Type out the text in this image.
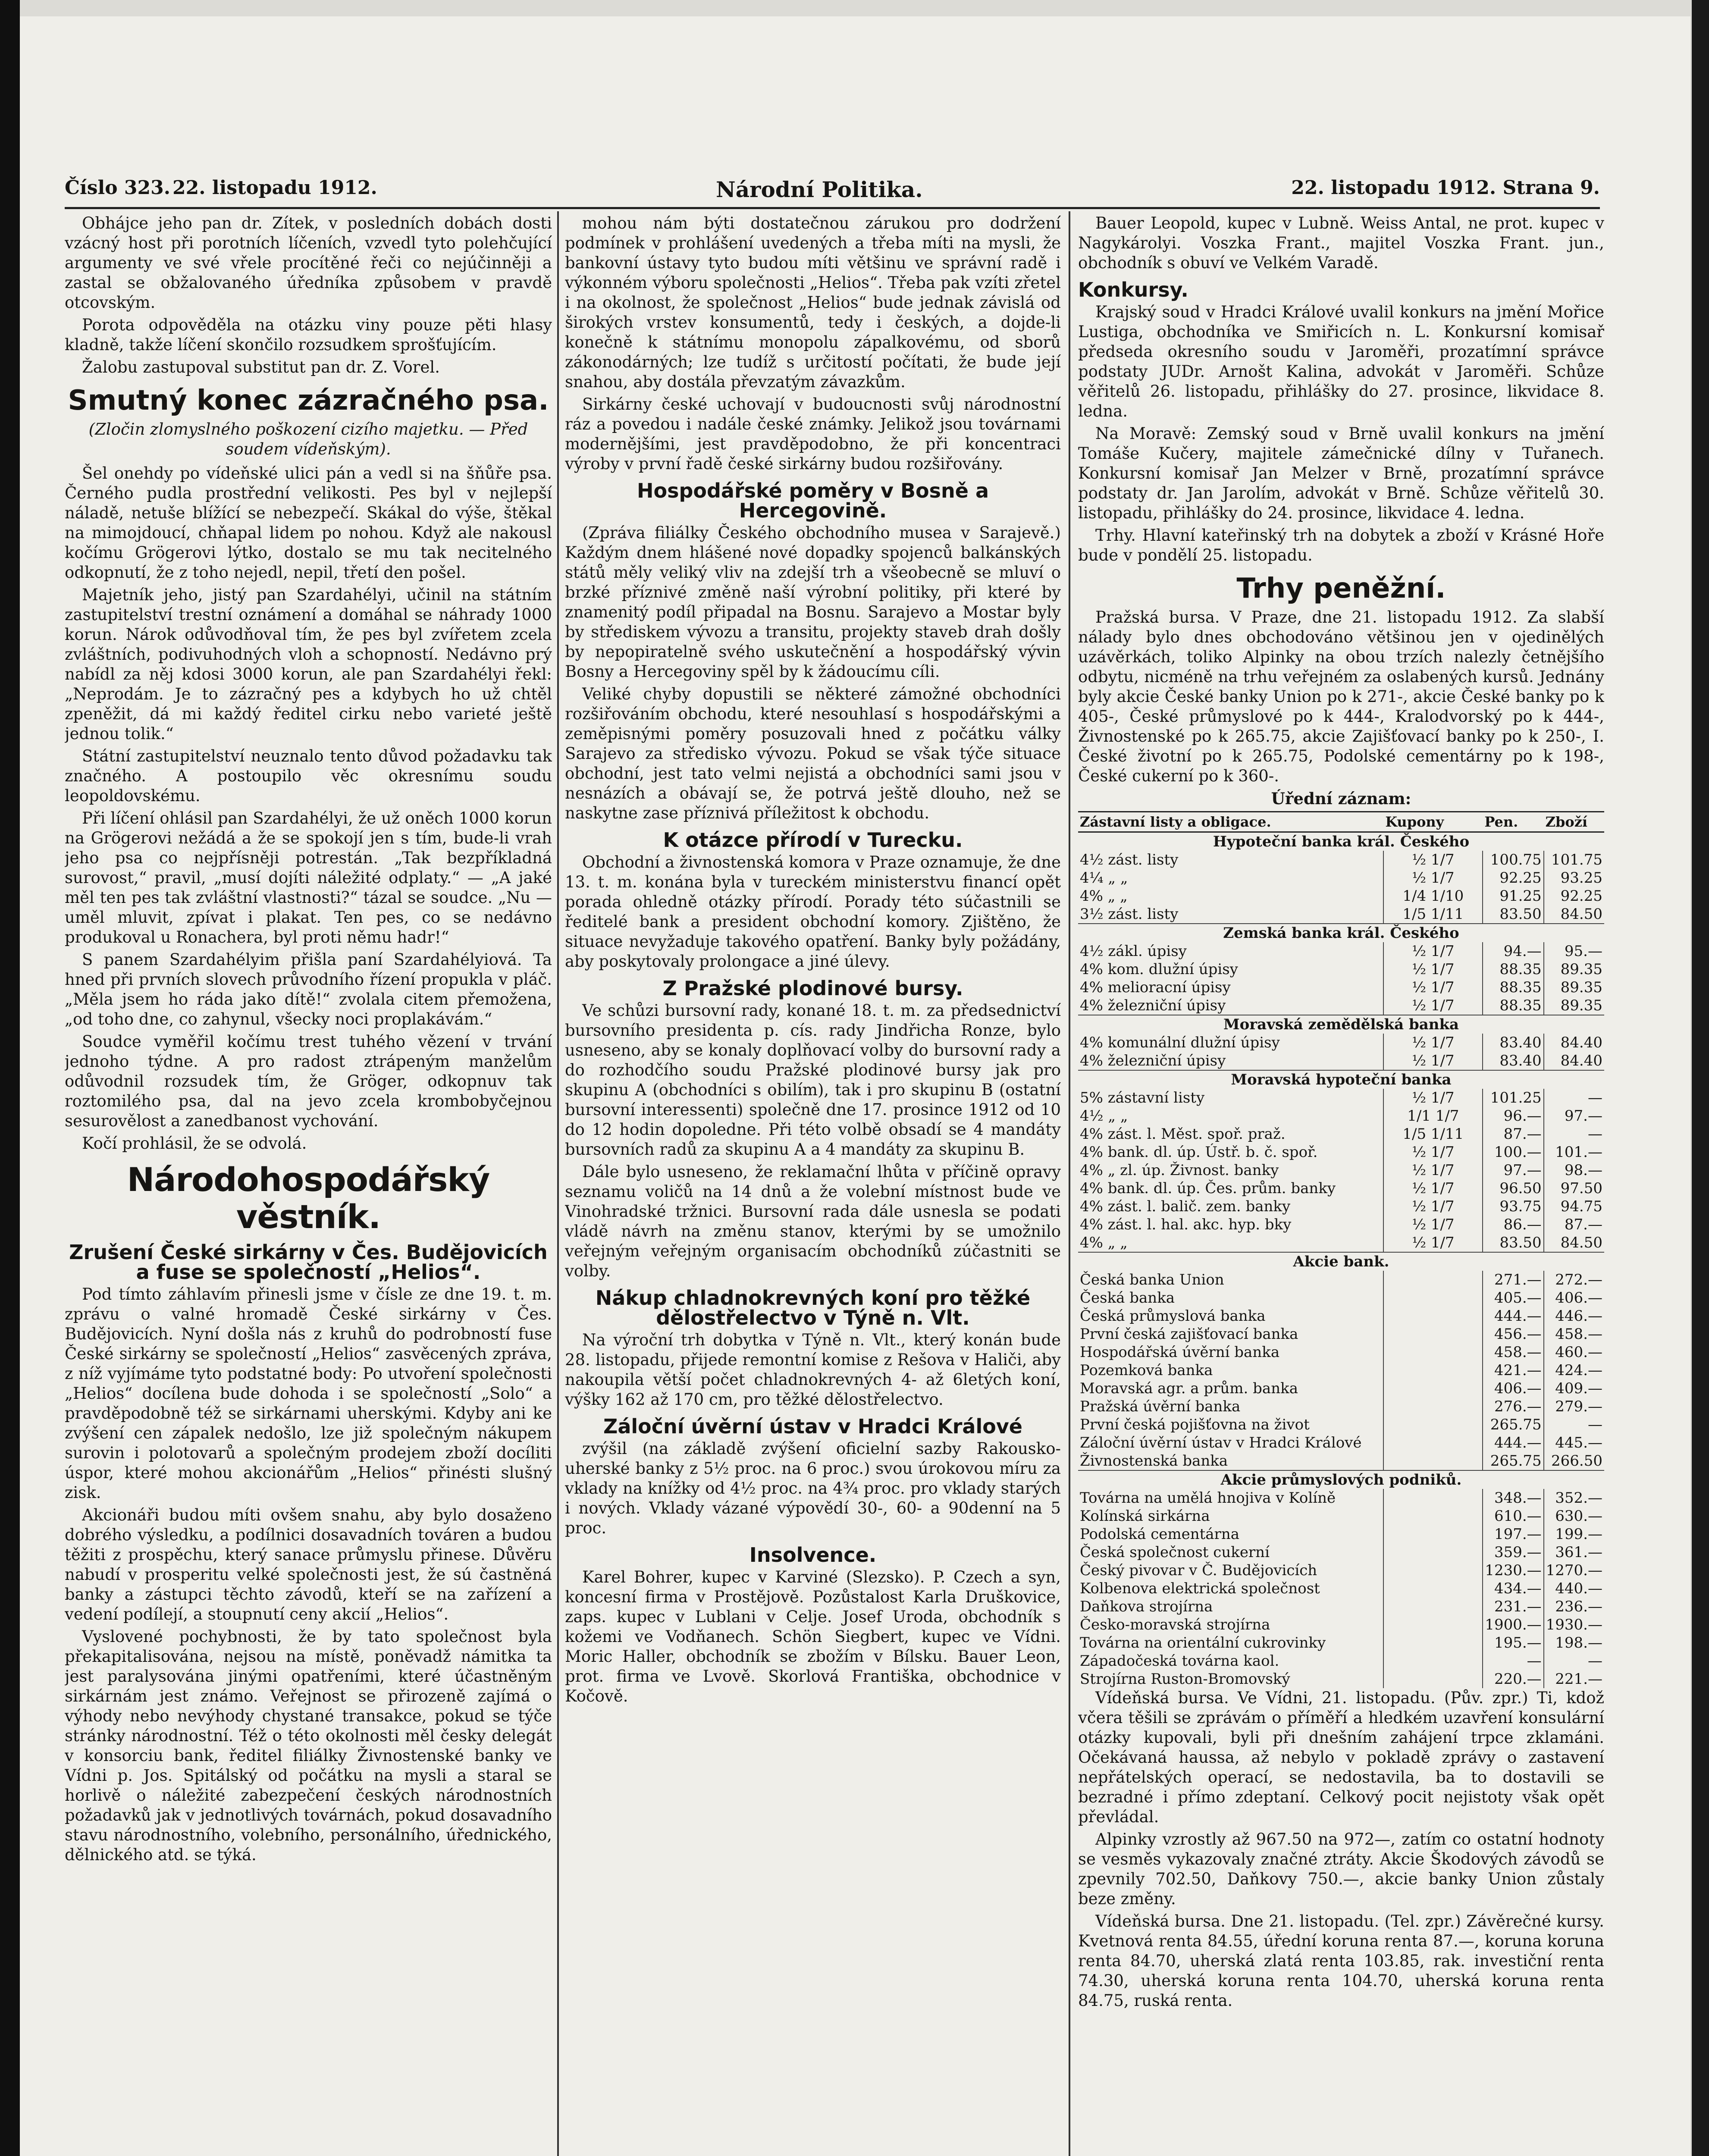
Číslo 323. 22. listopadu 1912.	Národní Politika.	22. listopadu 1912. Strana 9.

Obhájce jeho pan dr. Zítek, v posledních dobách dosti vzácný host při porotních líčeních, vzvedl tyto polehčující argumenty ve své vřele procítěné řeči co nejúčinněji a zastal se obžalovaného úředníka způsobem v pravdě otcovským.

Porota odpověděla na otázku viny pouze pěti hlasy kladně, takže líčení skončilo rozsudkem sprošťujícím.

Žalobu zastupoval substitut pan dr. Z. Vorel.

Smutný konec zázračného psa.
(Zločin zlomyslného poškození cizího majetku. — Před soudem vídeňským).

Šel onehdy po vídeňské ulici pán a vedl si na šňůře psa. Černého pudla prostřední velikosti. Pes byl v nejlepší náladě, netuše blížící se nebezpečí. Skákal do výše, štěkal na mimojdoucí, chňapal lidem po nohou. Když ale nakousl kočímu Grögerovi lýtko, dostalo se mu tak necitelného odkopnutí, že z toho nejedl, nepil, třetí den pošel.

Majetník jeho, jistý pan Szardahélyi, učinil na státním zastupitelství trestní oznámení a domáhal se náhrady 1000 korun. Nárok odůvodňoval tím, že pes byl zvířetem zcela zvláštních, podivuhodných vloh a schopností. Nedávno prý nabídl za něj kdosi 3000 korun, ale pan Szardahélyi řekl: „Neprodám. Je to zázračný pes a kdybych ho už chtěl zpeněžit, dá mi každý ředitel cirku nebo varieté ještě jednou tolik.“

Státní zastupitelství neuznalo tento důvod požadavku tak značného. A postoupilo věc okresnímu soudu leopoldovskému.

Při líčení ohlásil pan Szardahélyi, že už oněch 1000 korun na Grögerovi nežádá a že se spokojí jen s tím, bude-li vrah jeho psa co nejpřísněji potrestán. „Tak bezpříkladná surovost,“ pravil, „musí dojíti náležité odplaty.“ — „A jaké měl ten pes tak zvláštní vlastnosti?“ tázal se soudce. „Nu — uměl mluvit, zpívat i plakat. Ten pes, co se nedávno produkoval u Ronachera, byl proti němu hadr!“

S panem Szardahélyim přišla paní Szardahélyiová. Ta hned při prvních slovech průvodního řízení propukla v pláč. „Měla jsem ho ráda jako dítě!“ zvolala citem přemožena, „od toho dne, co zahynul, všecky noci proplakávám.“

Soudce vyměřil kočímu trest tuhého vězení v trvání jednoho týdne. A pro radost ztrápeným manželům odůvodnil rozsudek tím, že Gröger, odkopnuv tak roztomilého psa, dal na jevo zcela krombobyčejnou sesurovělost a zanedbanost vychování.

Kočí prohlásil, že se odvolá.

Národohospodářský věstník.
Zrušení České sirkárny v Čes. Budějovicích a fuse se společností „Helios“.

Pod tímto záhlavím přinesli jsme v čísle ze dne 19. t. m. zprávu o valné hromadě České sirkárny v Čes. Budějovicích. Nyní došla nás z kruhů do podrobností fuse České sirkárny se společností „Helios“ zasvěcených zpráva, z níž vyjímáme tyto podstatné body: Po utvoření společnosti „Helios“ docílena bude dohoda i se společností „Solo“ a pravděpodobně též se sirkárnami uherskými. Kdyby ani ke zvýšení cen zápalek nedošlo, lze již společným nákupem surovin i polotovarů a společným prodejem zboží docíliti úspor, které mohou akcionářům „Helios“ přinésti slušný zisk.

Akcionáři budou míti ovšem snahu, aby bylo dosaženo dobrého výsledku, a podílnici dosavadních továren a budou těžiti z prospěchu, který sanace průmyslu přinese. Důvěru nabudí v prosperitu velké společnosti jest, že sú častněná banky a zástupci těchto závodů, kteří se na zařízení a vedení podílejí, a stoupnutí ceny akcií „Helios“.

Vyslovené pochybnosti, že by tato společnost byla překapitalisována, nejsou na místě, poněvadž námitka ta jest paralysována jinými opatřeními, které účastněným sirkárnám jest známo. Veřejnost se přirozeně zajímá o výhody nebo nevýhody chystané transakce, pokud se týče stránky národnostní. Též o této okolnosti měl česky delegát v konsorciu bank, ředitel filiálky Živnostenské banky ve Vídni p. Jos. Spitálský od počátku na mysli a staral se horlivě o náležité zabezpečení českých národnostních požadavků jak v jednotlivých továrnách, pokud dosavadního stavu národnostního, volebního, personálního, úřednického, dělnického atd. se týká.

mohou nám býti dostatečnou zárukou pro dodržení podmínek v prohlášení uvedených a třeba míti na mysli, že bankovní ústavy tyto budou míti většinu ve správní radě i výkonném výboru společnosti „Helios“. Třeba pak vzíti zřetel i na okolnost, že společnost „Helios“ bude jednak závislá od širokých vrstev konsumentů, tedy i českých, a dojde-li konečně k státnímu monopolu zápalkovému, od sborů zákonodárných; lze tudíž s určitostí počítati, že bude její snahou, aby dostála převzatým závazkům.

Sirkárny české uchovají v budoucnosti svůj národnostní ráz a povedou i nadále české známky. Jelikož jsou továrnami modernějšími, jest pravděpodobno, že při koncentraci výroby v první řadě české sirkárny budou rozšiřovány.

Hospodářské poměry v Bosně a Hercegovině.

(Zpráva filiálky Českého obchodního musea v Sarajevě.) Každým dnem hlášené nové dopadky spojenců balkánských států měly veliký vliv na zdejší trh a všeobecně se mluví o brzké příznivé změně naší výrobní politiky, při které by znamenitý podíl připadal na Bosnu. Sarajevo a Mostar byly by střediskem vývozu a transitu, projekty staveb drah došly by nepopiratelně svého uskutečnění a hospodářský vývin Bosny a Hercegoviny spěl by k žádoucímu cíli.

Veliké chyby dopustili se některé zámožné obchodníci rozšiřováním obchodu, které nesouhlasí s hospodářskými a zeměpisnými poměry posuzovali hned z počátku války Sarajevo za středisko vývozu. Pokud se však týče situace obchodní, jest tato velmi nejistá a obchodníci sami jsou v nesnázích a obávají se, že potrvá ještě dlouho, než se naskytne zase příznivá příležitost k obchodu.

K otázce přírodí v Turecku.

Obchodní a živnostenská komora v Praze oznamuje, že dne 13. t. m. konána byla v tureckém ministerstvu financí opět porada ohledně otázky přírodí. Porady této súčastnili se ředitelé bank a president obchodní komory. Zjištěno, že situace nevyžaduje takového opatření. Banky byly požádány, aby poskytovaly prolongace a jiné úlevy.

Z Pražské plodinové bursy.

Ve schůzi bursovní rady, konané 18. t. m. za předsednictví bursovního presidenta p. cís. rady Jindřicha Ronze, bylo usneseno, aby se konaly doplňovací volby do bursovní rady a do rozhodčího soudu Pražské plodinové bursy jak pro skupinu A (obchodníci s obilím), tak i pro skupinu B (ostatní bursovní interessenti) společně dne 17. prosince 1912 od 10 do 12 hodin dopoledne. Při této volbě obsadí se 4 mandáty bursovních radů za skupinu A a 4 mandáty za skupinu B.

Dále bylo usneseno, že reklamační lhůta v příčině opravy seznamu voličů na 14 dnů a že volební místnost bude ve Vinohradské tržnici. Bursovní rada dále usnesla se podati vládě návrh na změnu stanov, kterými by se umožnilo veřejným veřejným organisacím obchodníků zúčastniti se volby.

Nákup chladnokrevných koní pro těžké dělostřelectvo v Týně n. Vlt.

Na výroční trh dobytka v Týně n. Vlt., který konán bude 28. listopadu, přijede remontní komise z Rešova v Haliči, aby nakoupila větší počet chladnokrevných 4- až 6letých koní, výšky 162 až 170 cm, pro těžké dělostřelectvo.

Záloční úvěrní ústav v Hradci Králové

zvýšil (na základě zvýšení oficielní sazby Rakousko-uherské banky z 5½ proc. na 6 proc.) svou úrokovou míru za vklady na knížky od 4½ proc. na 4¾ proc. pro vklady starých i nových. Vklady vázané výpovědí 30-, 60- a 90denní na 5 proc.

Insolvence.

Karel Bohrer, kupec v Karviné (Slezsko). P. Czech a syn, koncesní firma v Prostějově. Pozůstalost Karla Druškovice, zaps. kupec v Lublani v Celje. Josef Uroda, obchodník s kožemi ve Vodňanech. Schön Siegbert, kupec ve Vídni. Moric Haller, obchodník se zbožím v Bílsku. Bauer Leon, prot. firma ve Lvově. Skorlová Františka, obchodnice v Kočově.

Bauer Leopold, kupec v Lubně. Weiss Antal, ne prot. kupec v Nagykárolyi. Voszka Frant., majitel Voszka Frant. jun., obchodník s obuví ve Velkém Varadě.

Konkursy.

Krajský soud v Hradci Králové uvalil konkurs na jmění Mořice Lustiga, obchodníka ve Smiřicích n. L. Konkursní komisař předseda okresního soudu v Jaroměři, prozatímní správce podstaty JUDr. Arnošt Kalina, advokát v Jaroměři. Schůze věřitelů 26. listopadu, přihlášky do 27. prosince, likvidace 8. ledna.

Na Moravě: Zemský soud v Brně uvalil konkurs na jmění Tomáše Kučery, majitele zámečnické dílny v Tuřanech. Konkursní komisař Jan Melzer v Brně, prozatímní správce podstaty dr. Jan Jarolím, advokát v Brně. Schůze věřitelů 30. listopadu, přihlášky do 24. prosince, likvidace 4. ledna.

Trhy. Hlavní kateřinský trh na dobytek a zboží v Krásné Hoře bude v pondělí 25. listopadu.

Trhy peněžní.

Pražská bursa. V Praze, dne 21. listopadu 1912. Za slabší nálady bylo dnes obchodováno většinou jen v ojedinělých uzávěrkách, toliko Alpinky na obou trzích nalezly četnějšího odbytu, nicméně na trhu veřejném za oslabených kursů. Jednány byly akcie České banky Union po k 271-, akcie České banky po k 405-, České průmyslové po k 444-, Kralodvorský po k 444-, Živnostenské po k 265.75, akcie Zajišťovací banky po k 250-, I. České životní po k 265.75, Podolské cementárny po k 198-, České cukerní po k 360-.

Úřední záznam:
Zástavní listy a obligace.	Kupony	Pen.	Zboží
Hypoteční banka král. Českého			
4½ zást. listy	½ 1/7	100.75	101.75
4¼ „ „	½ 1/7	92.25	93.25
4% „ „	1/4 1/10	91.25	92.25
3½ zást. listy	1/5 1/11	83.50	84.50
Zemská banka král. Českého			
4½ zákl. úpisy	½ 1/7	94.—	95.—
4% kom. dlužní úpisy	½ 1/7	88.35	89.35
4% melioracní úpisy	½ 1/7	88.35	89.35
4% železniční úpisy	½ 1/7	88.35	89.35
Moravská zemědělská banka			
4% komunální dlužní úpisy	½ 1/7	83.40	84.40
4% železniční úpisy	½ 1/7	83.40	84.40
Moravská hypoteční banka			
5% zástavní listy	½ 1/7	101.25	—
4½ „ „	1/1 1/7	96.—	97.—
4% zást. l. Měst. spoř. praž.	1/5 1/11	87.—	—
4% bank. dl. úp. Ústř. b. č. spoř.	½ 1/7	100.—	101.—
4% „ zl. úp. Živnost. banky	½ 1/7	97.—	98.—
4% bank. dl. úp. Čes. prům. banky	½ 1/7	96.50	97.50
4% zást. l. balič. zem. banky	½ 1/7	93.75	94.75
4% zást. l. hal. akc. hyp. bky	½ 1/7	86.—	87.—
4% „ „	½ 1/7	83.50	84.50
Akcie bank.			
Česká banka Union		271.—	272.—
Česká banka		405.—	406.—
Česká průmyslová banka		444.—	446.—
První česká zajišťovací banka		456.—	458.—
Hospodářská úvěrní banka		458.—	460.—
Pozemková banka		421.—	424.—
Moravská agr. a prům. banka		406.—	409.—
Pražská úvěrní banka		276.—	279.—
První česká pojišťovna na život		265.75	—
Záloční úvěrní ústav v Hradci Králové		444.—	445.—
Živnostenská banka		265.75	266.50
Akcie průmyslových podniků.			
Továrna na umělá hnojiva v Kolíně		348.—	352.—
Kolínská sirkárna		610.—	630.—
Podolská cementárna		197.—	199.—
Česká společnost cukerní		359.—	361.—
Český pivovar v Č. Budějovicích		1230.—	1270.—
Kolbenova elektrická společnost		434.—	440.—
Daňkova strojírna		231.—	236.—
Česko-moravská strojírna		1900.—	1930.—
Továrna na orientální cukrovinky		195.—	198.—
Západočeská továrna kaol.		—	—
Strojírna Ruston-Bromovský		220.—	221.—

Vídeňská bursa. Ve Vídni, 21. listopadu. (Pův. zpr.) Ti, kdož včera těšili se zprávám o příměří a hledkém uzavření konsulární otázky kupovali, byli při dnešním zahájení trpce zklamáni. Očekávaná haussa, až nebylo v pokladě zprávy o zastavení nepřátelských operací, se nedostavila, ba to dostavili se bezradné i přímo zdeptaní. Celkový pocit nejistoty však opět převládal.

Alpinky vzrostly až 967.50 na 972—, zatím co ostatní hodnoty se vesměs vykazovaly značné ztráty. Akcie Škodových závodů se zpevnily 702.50, Daňkovy 750.—, akcie banky Union zůstaly beze změny.

Vídeňská bursa. Dne 21. listopadu. (Tel. zpr.) Závěrečné kursy. Kvetnová renta 84.55, úřední koruna renta 87.—, koruna koruna renta 84.70, uherská zlatá renta 103.85, rak. investiční renta 74.30, uherská koruna renta 104.70, uherská koruna renta 84.75, ruská renta.
